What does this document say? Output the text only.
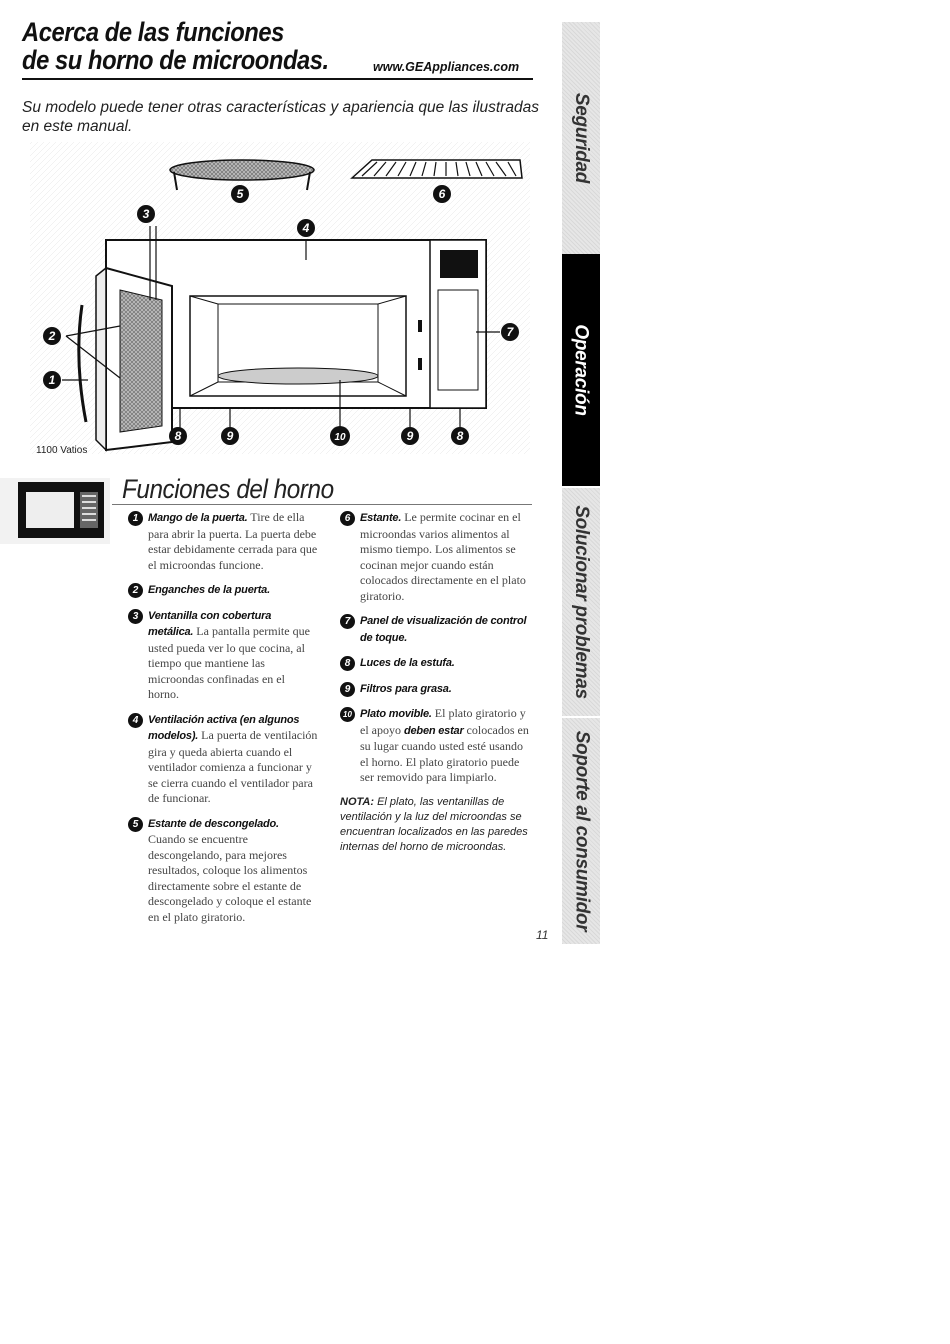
Acerca de las funciones
de su horno de microondas.	www.GEAppliances.com
Su modelo puede tener otras características y apariencia que las ilustradas en este manual.
5	6
3
4
2
1
7
8	9	10	9	8
1100 Vatios
Funciones del horno
1 Mango de la puerta. Tire de ella para abrir la puerta. La puerta debe estar debidamente cerrada para que el microondas funcione.
2 Enganches de la puerta.
3 Ventanilla con cobertura metálica. La pantalla permite que usted pueda ver lo que cocina, al tiempo que mantiene las microondas confinadas en el horno.
4 Ventilación activa (en algunos modelos). La puerta de ventilación gira y queda abierta cuando el ventilador comienza a funcionar y se cierra cuando el ventilador para de funcionar.
5 Estante de descongelado. Cuando se encuentre descongelando, para mejores resultados, coloque los alimentos directamente sobre el estante de descongelado y coloque el estante en el plato giratorio.
6 Estante. Le permite cocinar en el microondas varios alimentos al mismo tiempo. Los alimentos se cocinan mejor cuando están colocados directamente en el plato giratorio.
7 Panel de visualización de control de toque.
8 Luces de la estufa.
9 Filtros para grasa.
10 Plato movible. El plato giratorio y el apoyo deben estar colocados en su lugar cuando usted esté usando el horno. El plato giratorio puede ser removido para limpiarlo.
NOTA: El plato, las ventanillas de ventilación y la luz del microondas se encuentran localizados en las paredes internas del horno de microondas.
11
Seguridad
Operación
Solucionar problemas
Soporte al consumidor
